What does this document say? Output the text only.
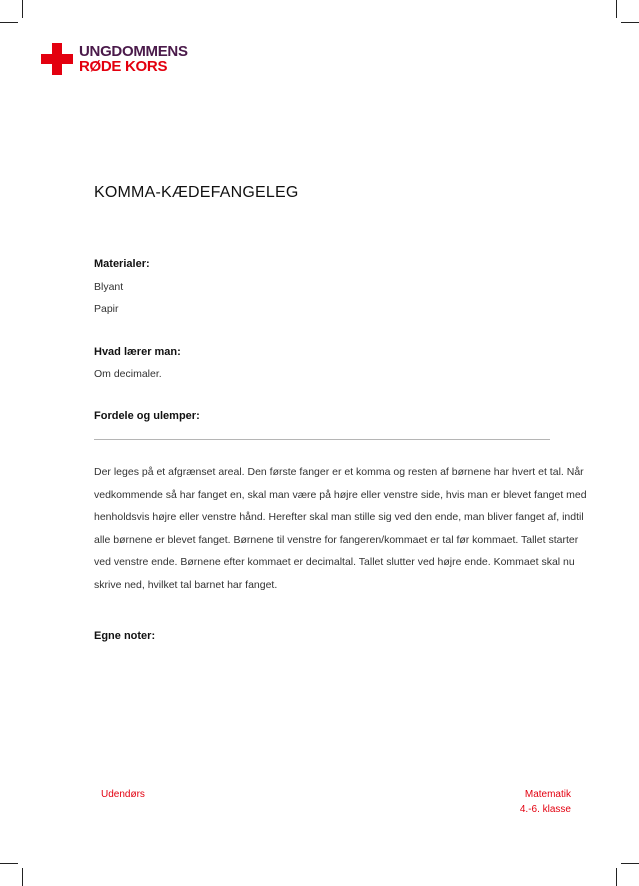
UNGDOMMENS
RØDE KORS
KOMMA-KÆDEFANGELEG
Materialer:
Blyant
Papir
Hvad lærer man:
Om decimaler.
Fordele og ulemper:

Der leges på et afgrænset areal. Den første fanger er et komma og resten af børnene har hvert et tal. Når vedkommende så har fanget en, skal man være på højre eller venstre side, hvis man er blevet fanget med henholdsvis højre eller venstre hånd. Herefter skal man stille sig ved den ende, man bliver fanget af, indtil alle børnene er blevet fanget. Børnene til venstre for fangeren/kommaet er tal før kommaet. Tallet starter ved venstre ende. Børnene efter kommaet er decimaltal. Tallet slutter ved højre ende. Kommaet skal nu skrive ned, hvilket tal barnet har fanget.

Egne noter:
Udendørs	Matematik
4.-6. klasse
